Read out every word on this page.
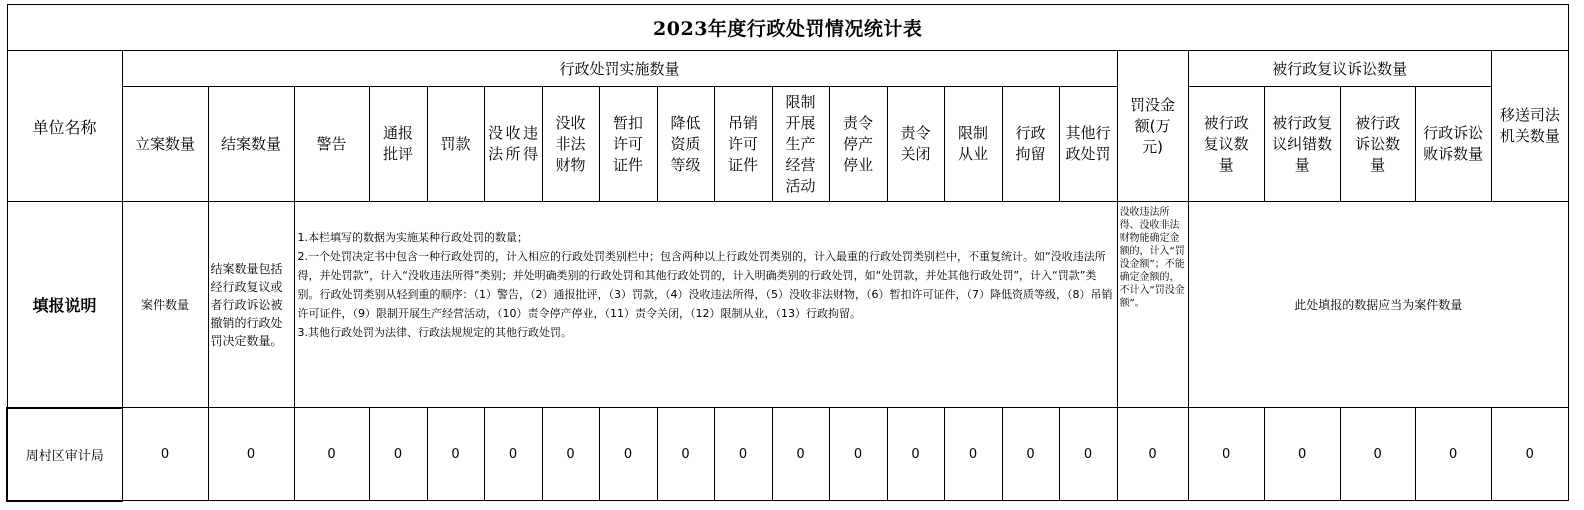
2023年度行政处罚情况统计表																						
单位名称	行政处罚实施数量																罚没金额(万元)	被行政复议诉讼数量				移送司法机关数量
	立案数量	结案数量	警告	通报批评	罚款	没收违法所得	没收非法财物	暂扣许可证件	降低资质等级	吊销许可证件	限制开展生产经营活动	责令停产停业	责令关闭	限制从业	行政拘留	其他行政处罚		被行政复议数量	被行政复议纠错数量	被行政诉讼数量	行政诉讼败诉数量	
填报说明	案件数量	结案数量包括经行政复议或者行政诉讼被撤销的行政处罚决定数量。	1.本栏填写的数据为实施某种行政处罚的数量；
2.一个处罚决定书中包含一种行政处罚的，计入相应的行政处罚类别栏中；包含两种以上行政处罚类别的，计入最重的行政处罚类别栏中，不重复统计。如“没收违法所得，并处罚款”，计入“没收违法所得”类别；并处明确类别的行政处罚和其他行政处罚的，计入明确类别的行政处罚，如“处罚款，并处其他行政处罚”，计入“罚款”类别。行政处罚类别从轻到重的顺序：（1）警告，（2）通报批评，（3）罚款，（4）没收违法所得，（5）没收非法财物，（6）暂扣许可证件，（7）降低资质等级，（8）吊销许可证件，（9）限制开展生产经营活动，（10）责令停产停业，（11）责令关闭，（12）限制从业，（13）行政拘留。
3.其他行政处罚为法律、行政法规规定的其他行政处罚。														没收违法所得、没收非法财物能确定金额的，计入“罚没金额”；不能确定金额的，不计入“罚没金额”。	此处填报的数据应当为案件数量				
周村区审计局	0	0	0	0	0	0	0	0	0	0	0	0	0	0	0	0	0	0	0	0	0	0
